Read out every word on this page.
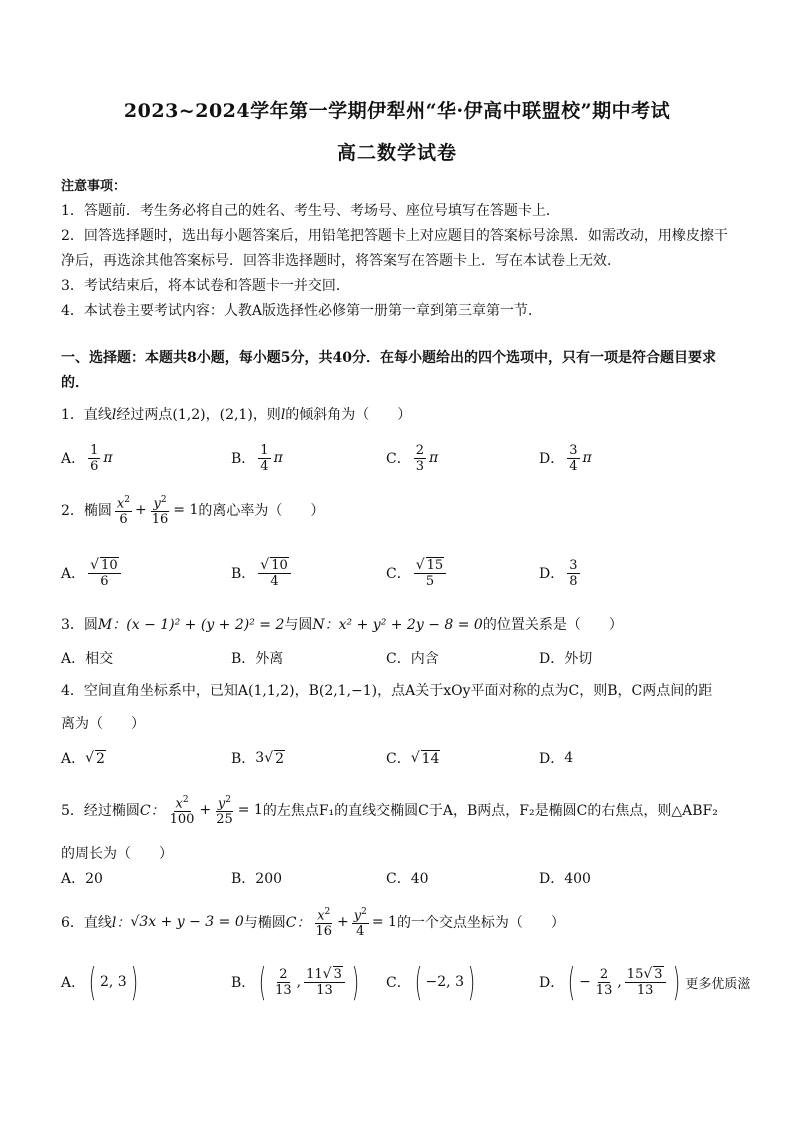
2023~2024学年第一学期伊犁州“华·伊高中联盟校”期中考试
高二数学试卷
注意事项：
1．答题前．考生务必将自己的姓名、考生号、考场号、座位号填写在答题卡上．
2．回答选择题时，选出每小题答案后，用铅笔把答题卡上对应题目的答案标号涂黑．如需改动，用橡皮擦干净后，再选涂其他答案标号．回答非选择题时，将答案写在答题卡上．写在本试卷上无效．
3．考试结束后，将本试卷和答题卡一并交回．
4．本试卷主要考试内容：人教A版选择性必修第一册第一章到第三章第一节．
一、选择题：本题共8小题，每小题5分，共40分．在每小题给出的四个选项中，只有一项是符合题目要求的．
1．直线l经过两点(1,2)，(2,1)，则l的倾斜角为（　　）
A． $\frac{1}{6}$ π	B． $\frac{1}{4}$ π	C． $\frac{2}{3}$ π	D． $\frac{3}{4}$ π
2． 椭圆 $\frac{x^2}{6} + \frac{y^2}{16} = 1$ 的离心率为（　　）
A． $\frac{√ 10}{6}$	B． $\frac{√ 10}{4}$	C． $\frac{√ 15}{5}$	D． $\frac{3}{8}$
3．圆M：(x − 1)² + (y + 2)² = 2与圆N：x² + y² + 2y − 8 = 0的位置关系是（　　）
A．相交	B．外离	C．内含	D．外切
4．空间直角坐标系中，已知A(1,1,2)，B(2,1,−1)，点A关于xOy平面对称的点为C，则B，C两点间的距
离为（　　）
A． √ 2	B． 3 √ 2	C． √ 14	D． 4
5． 经过椭圆 C： $\frac{x^2}{100} + \frac{y^2}{25} = 1$ 的左焦点F₁的直线交椭圆C于A，B两点，F₂是椭圆C的右焦点，则△ABF₂
的周长为（　　）
A．20	B．200	C．40	D．400
6． 直线 l： √ 3x + y − 3 = 0 与椭圆 C： $\frac{x^2}{16} + \frac{y^2}{4} = 1$ 的一个交点坐标为（　　）
A． ( 2, 3 )	B． ( $\frac{2}{13}$ , $\frac{11√ 3}{13}$ ) C． ( −2, 3 )	D． ( − $\frac{2}{13}$ , $\frac{15√ 3}{13}$ ) 更多优质滋
